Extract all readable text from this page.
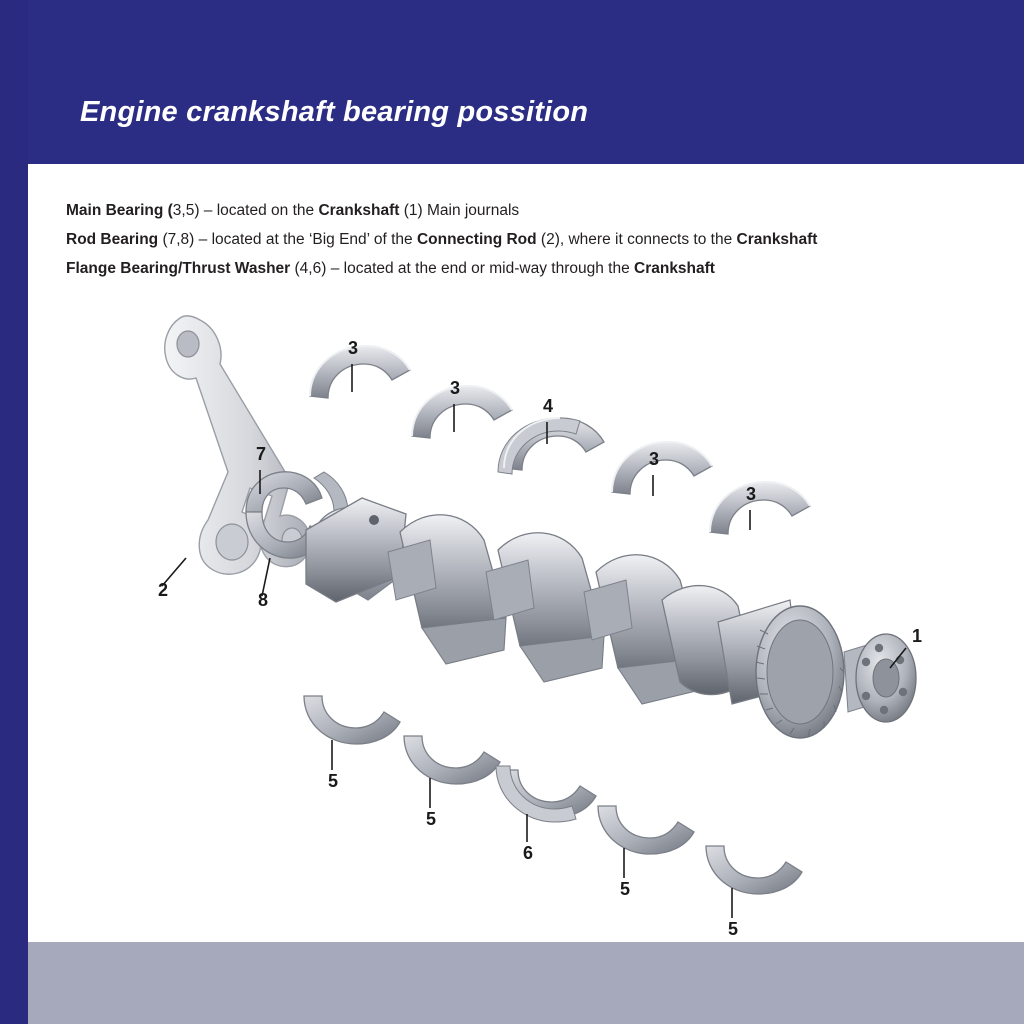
Engine crankshaft bearing possition
Main Bearing (3,5) – located on the Crankshaft (1) Main journals
Rod Bearing (7,8) – located at the ‘Big End’ of the Connecting Rod (2), where it connects to the Crankshaft
Flange Bearing/Thrust Washer (4,6) – located at the end or mid-way through the Crankshaft
3
3
4
3
3
7
2	8
1
5
5
6
5
5
